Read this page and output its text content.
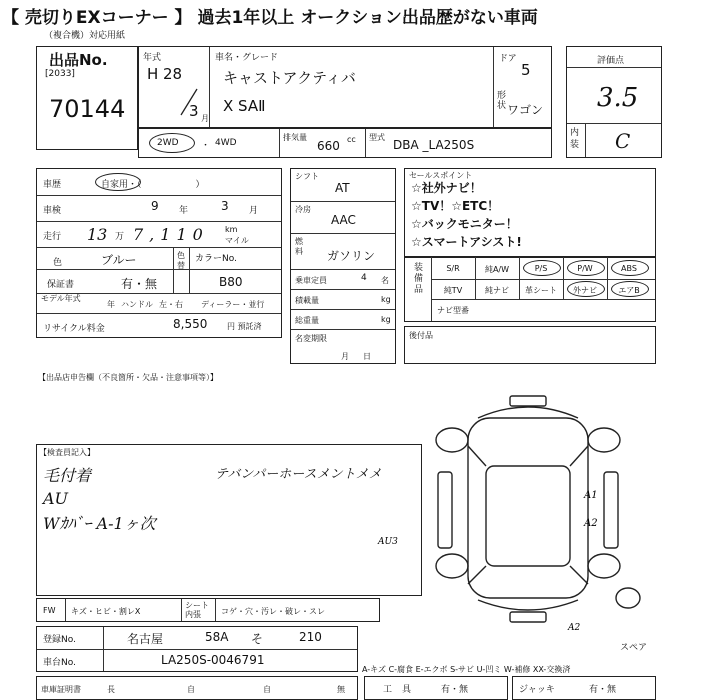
【 売切りEXコーナー 】 過去1年以上 オークション出品歴がない車両
（複合機）対応用紙
出品No.
[2033]
70144
年式
H 28
3 月
車名・グレード
キャストアクティバ
X SAⅡ
ドア
5
形状 ワゴン
2WD ・ 4WD
排気量
660 cc 型式
DBA _LA250S
評価点
3.5
内装 C
車歴	自家用・（　　　　　　）
車検	9 年	3 月
走行 13 万 7,110 km
マイル
色	ブルー	色替
カラーNo.
B80
保証書	有・無
モデル年式
年 ハンドル 左・右 ディーラー・並行
リサイクル料金	8,550 円 預託済
シフト
AT
冷房
AAC
燃料 ガソリン
乗車定員	4 名
積載量	kg
総重量	kg
名変期限
月日
セールスポイント
☆社外ナビ！
☆TV！☆ETC！
☆バックモニター！
☆スマートアシスト!
装備品
S/R	純A/W	P/S	P/W	ABS
純TV	純ナビ	革シート	外ナビ	エアB
ナビ型番
後付品
【出品店申告欄（不良箇所・欠品・注意事項等）】
【検査員記入】
毛付着
AU
Wｶﾊﾞｰ A-1ヶ次
テバンパーホースメントメメ
A1
A2
AU3
A2
スペア
FW キズ・ヒビ・割レX
シート内張	コゲ・穴・汚レ・破レ・スレ
登録No.	名古屋	58A そ	210
車台No.	LA250S-0046791
A-キズ C-腐食 E-エクボ S-サビ U-凹ミ W-補修 XX-交換済
車庫証明書	長	自	自	無	工具 有・無	ジャッキ	有・無
